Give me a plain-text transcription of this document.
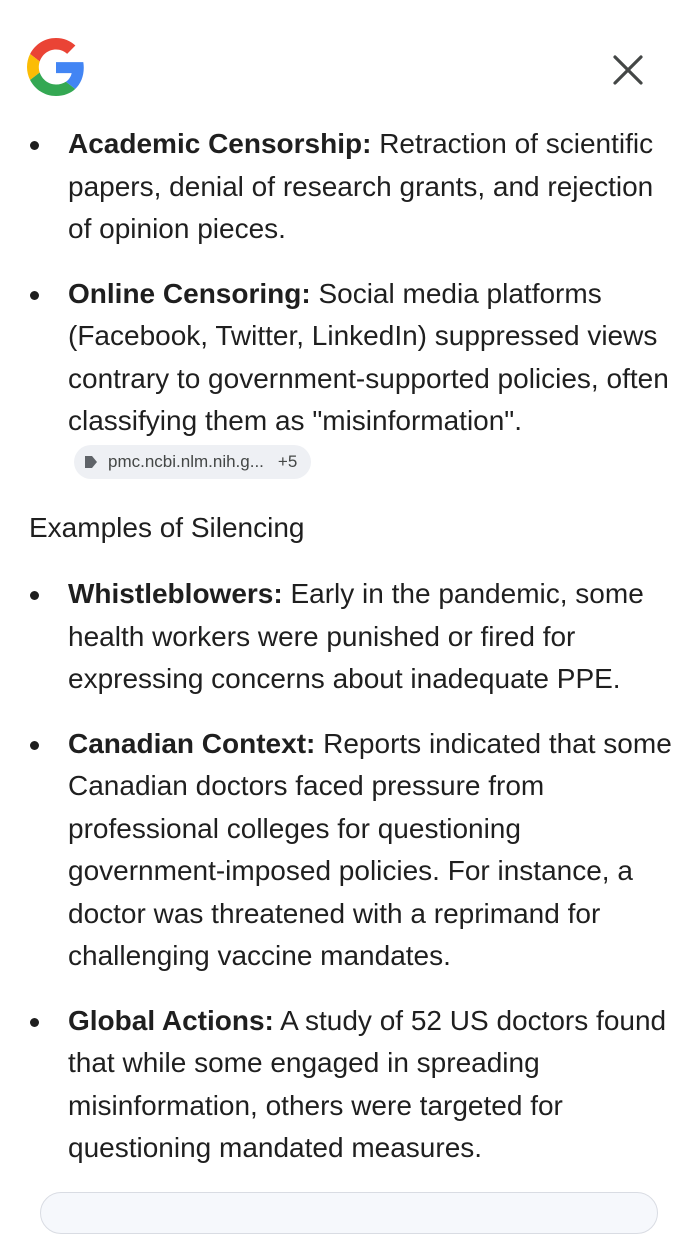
Academic Censorship: Retraction of scientific papers, denial of research grants, and rejection of opinion pieces.
Online Censoring: Social media platforms (Facebook, Twitter, LinkedIn) suppressed views contrary to government-supported policies, often classifying them as "misinformation".
pmc.ncbi.nlm.nih.g... +5
Examples of Silencing
Whistleblowers: Early in the pandemic, some health workers were punished or fired for expressing concerns about inadequate PPE.
Canadian Context: Reports indicated that some Canadian doctors faced pressure from professional colleges for questioning government-imposed policies. For instance, a doctor was threatened with a reprimand for challenging vaccine mandates.
Global Actions: A study of 52 US doctors found that while some engaged in spreading misinformation, others were targeted for questioning mandated measures.
